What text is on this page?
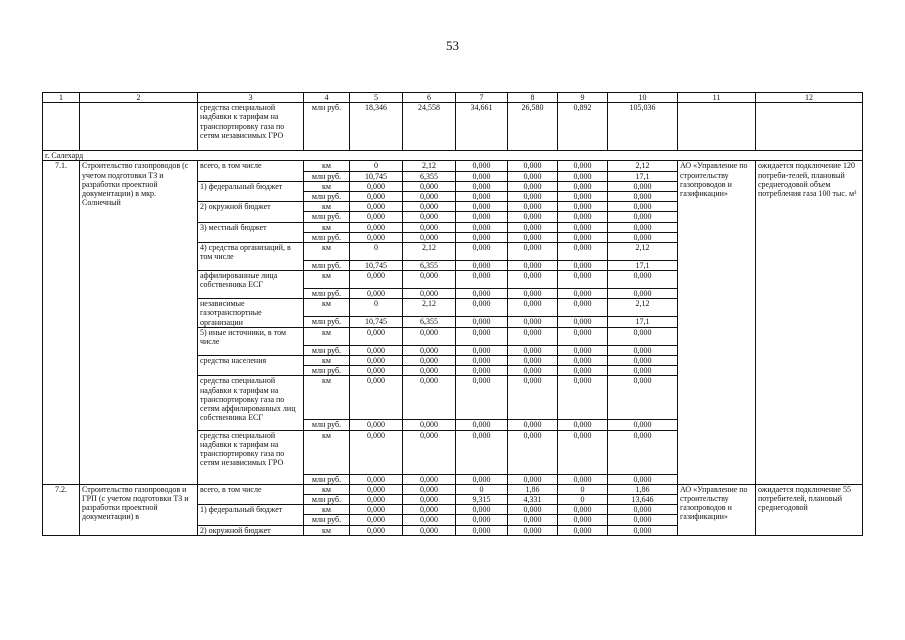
53
1	2	3	4	5	6	7	8	9	10	11	12
		средства специальной надбавки к тарифам на транспортировку газа по сетям независимых ГРО	млн руб.	18,346	24,558	34,661	26,580	0,892	105,036		
г. Салехард											
7.1.	Строительство газопроводов (с учетом подготовки ТЗ и разработки проектной документации) в мкр. Солнечный	всего, в том числе	км	0	2,12	0,000	0,000	0,000	2,12	АО «Управление по строительству газопроводов и газификации»	ожидается подключение 120 потреби-телей, плановый среднегодовой объем потребления газа 100 тыс. м³
			млн руб.	10,745	6,355	0,000	0,000	0,000	17,1		
		1) федеральный бюджет	км	0,000	0,000	0,000	0,000	0,000	0,000		
			млн руб.	0,000	0,000	0,000	0,000	0,000	0,000		
		2) окружной бюджет	км	0,000	0,000	0,000	0,000	0,000	0,000		
			млн руб.	0,000	0,000	0,000	0,000	0,000	0,000		
		3) местный бюджет	км	0,000	0,000	0,000	0,000	0,000	0,000		
			млн руб.	0,000	0,000	0,000	0,000	0,000	0,000		
		4) средства организаций, в том числе	км	0	2,12	0,000	0,000	0,000	2,12		
			млн руб.	10,745	6,355	0,000	0,000	0,000	17,1		
		аффилированные лица собственника ЕСГ	км	0,000	0,000	0,000	0,000	0,000	0,000		
			млн руб.	0,000	0,000	0,000	0,000	0,000	0,000		
		независимые газотранспортные организации	км	0	2,12	0,000	0,000	0,000	2,12		
			млн руб.	10,745	6,355	0,000	0,000	0,000	17,1		
		5) иные источники, в том числе	км	0,000	0,000	0,000	0,000	0,000	0,000		
			млн руб.	0,000	0,000	0,000	0,000	0,000	0,000		
		средства населения	км	0,000	0,000	0,000	0,000	0,000	0,000		
			млн руб.	0,000	0,000	0,000	0,000	0,000	0,000		
		средства специальной надбавки к тарифам на транспортировку газа по сетям аффилированных лиц собственника ЕСГ	км	0,000	0,000	0,000	0,000	0,000	0,000		
			млн руб.	0,000	0,000	0,000	0,000	0,000	0,000		
		средства специальной надбавки к тарифам на транспортировку газа по сетям независимых ГРО	км	0,000	0,000	0,000	0,000	0,000	0,000		
			млн руб.	0,000	0,000	0,000	0,000	0,000	0,000		
7.2.	Строительство газопроводов и ГРП (с учетом подготовки ТЗ и разработки проектной документации) в	всего, в том числе	км	0,000	0,000	0	1,86	0	1,86	АО «Управление по строительству газопроводов и газификации»	ожидается подключение 55 потребителей, плановый среднегодовой
			млн руб.	0,000	0,000	9,315	4,331	0	13,646		
		1) федеральный бюджет	км	0,000	0,000	0,000	0,000	0,000	0,000		
			млн руб.	0,000	0,000	0,000	0,000	0,000	0,000		
		2) окружной бюджет	км	0,000	0,000	0,000	0,000	0,000	0,000		
